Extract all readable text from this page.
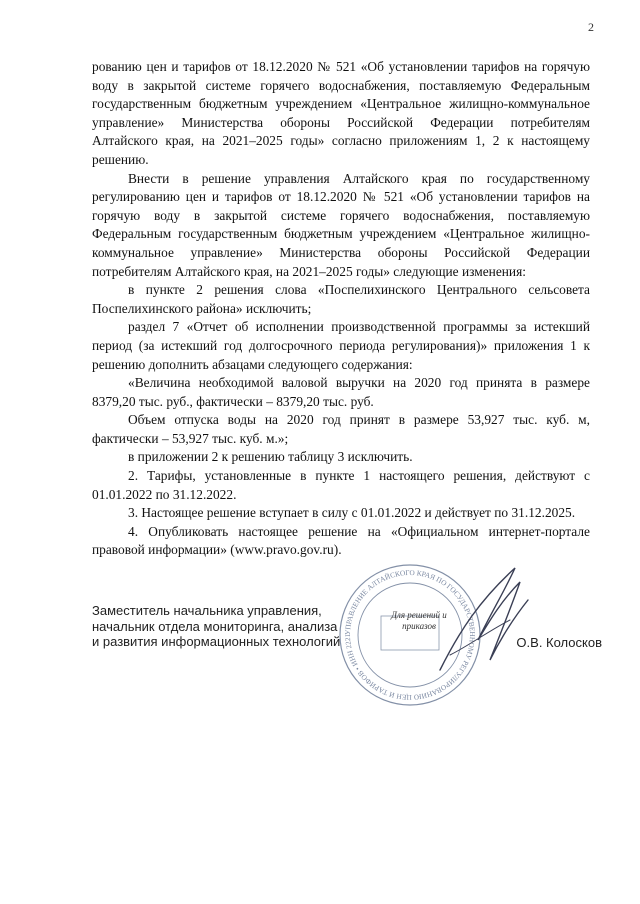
2

рованию цен и тарифов от 18.12.2020 № 521 «Об установлении тарифов на горячую воду в закрытой системе горячего водоснабжения, поставляемую Федеральным государственным бюджетным учреждением «Центральное жилищно-коммунальное управление» Министерства обороны Российской Федерации потребителям Алтайского края, на 2021–2025 годы» согласно приложениям 1, 2 к настоящему решению.

Внести в решение управления Алтайского края по государственному регулированию цен и тарифов от 18.12.2020 № 521 «Об установлении тарифов на горячую воду в закрытой системе горячего водоснабжения, поставляемую Федеральным государственным бюджетным учреждением «Центральное жилищно-коммунальное управление» Министерства обороны Российской Федерации потребителям Алтайского края, на 2021–2025 годы» следующие изменения:

в пункте 2 решения слова «Поспелихинского Центрального сельсовета Поспелихинского района» исключить;

раздел 7 «Отчет об исполнении производственной программы за истекший период (за истекший год долгосрочного периода регулирования)» приложения 1 к решению дополнить абзацами следующего содержания:

«Величина необходимой валовой выручки на 2020 год принята в размере 8379,20 тыс. руб., фактически – 8379,20 тыс. руб.

Объем отпуска воды на 2020 год принят в размере 53,927 тыс. куб. м, фактически – 53,927 тыс. куб. м.»;

в приложении 2 к решению таблицу 3 исключить.

2. Тарифы, установленные в пункте 1 настоящего решения, действуют с 01.01.2022 по 31.12.2022.

3. Настоящее решение вступает в силу с 01.01.2022 и действует по 31.12.2025.

4. Опубликовать настоящее решение на «Официальном интернет-портале правовой информации» (www.pravo.gov.ru).

УПРАВЛЕНИЕ АЛТАЙСКОГО КРАЯ ПО ГОСУДАРСТВЕННОМУ РЕГУЛИРОВАНИЮ ЦЕН И ТАРИФОВ • ИНН 2221
Для решений и приказов
Заместитель начальника управления,
начальник отдела мониторинга, анализа
и развития информационных технологий	О.В. Колосков
